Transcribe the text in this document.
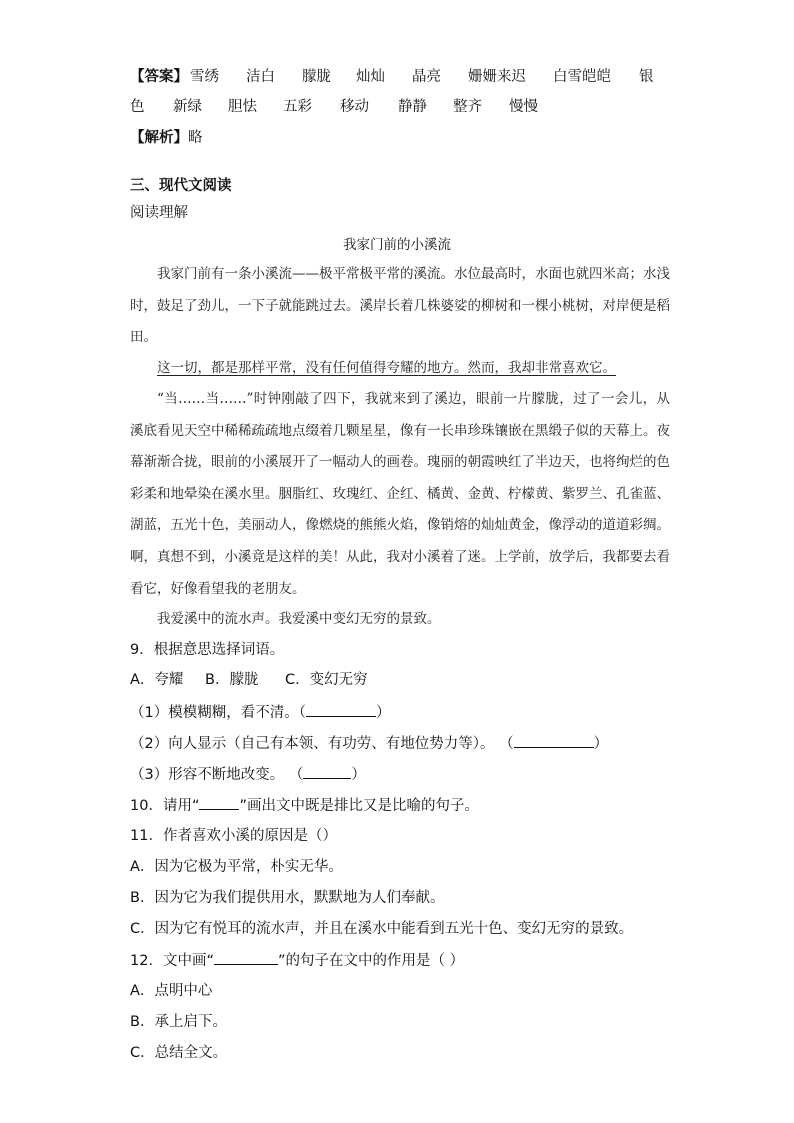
【答案】 雪绣 洁白 朦胧 灿灿 晶亮 姗姗来迟 白雪皑皑 银
色 新绿 胆怯 五彩 移动 静静 整齐 慢慢
【解析】略
三、现代文阅读
阅读理解
我家门前的小溪流
我家门前有一条小溪流——极平常极平常的溪流。水位最高时，水面也就四米高；水浅时，鼓足了劲儿，一下子就能跳过去。溪岸长着几株婆娑的柳树和一棵小桃树，对岸便是稻田。
这一切，都是那样平常，没有任何值得夸耀的地方。然而，我却非常喜欢它。
“当……当……”时钟刚敲了四下，我就来到了溪边，眼前一片朦胧，过了一会儿，从溪底看见天空中稀稀疏疏地点缀着几颗星星，像有一长串珍珠镶嵌在黑缎子似的天幕上。夜幕渐渐合拢，眼前的小溪展开了一幅动人的画卷。瑰丽的朝霞映红了半边天，也将绚烂的色彩柔和地晕染在溪水里。胭脂红、玫瑰红、企红、橘黄、金黄、柠檬黄、紫罗兰、孔雀蓝、湖蓝，五光十色，美丽动人，像燃烧的熊熊火焰，像销熔的灿灿黄金，像浮动的道道彩绸。啊，真想不到，小溪竟是这样的美！从此，我对小溪着了迷。上学前，放学后，我都要去看看它，好像看望我的老朋友。
我爱溪中的流水声。我爱溪中变幻无穷的景致。
9．根据意思选择词语。
A．夸耀 B．朦胧 C．变幻无穷
（1）模模糊糊，看不清。（	）
（2）向人显示（自己有本领、有功劳、有地位势力等）。 （	）
（3）形容不断地改变。 （	）
10．请用“	”画出文中既是排比又是比喻的句子。
11．作者喜欢小溪的原因是（）
A．因为它极为平常，朴实无华。
B．因为它为我们提供用水，默默地为人们奉献。
C．因为它有悦耳的流水声，并且在溪水中能看到五光十色、变幻无穷的景致。
12．文中画“	”的句子在文中的作用是（ ）
A．点明中心
B．承上启下。
C．总结全文。
